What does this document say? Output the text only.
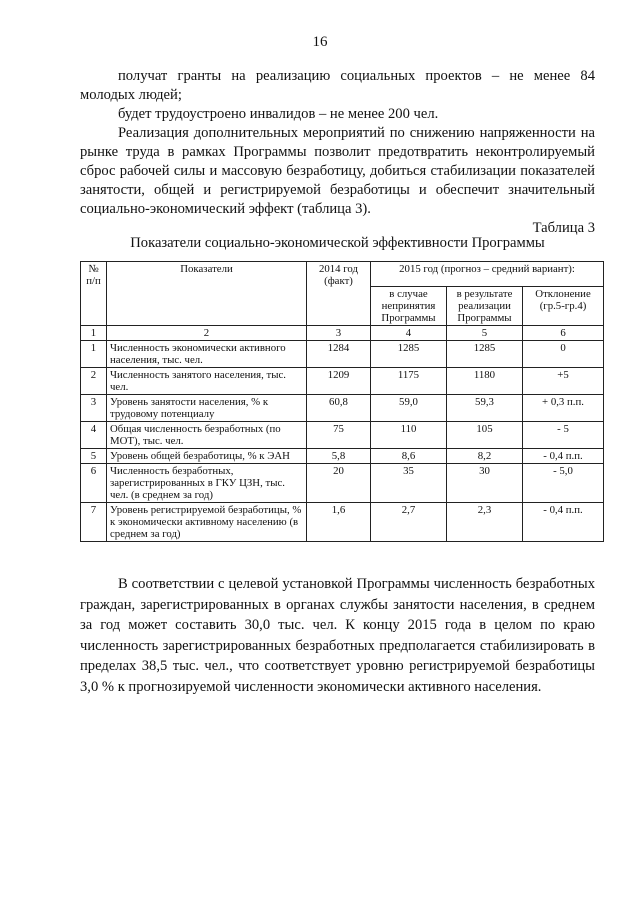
16

получат гранты на реализацию социальных проектов – не менее 84 молодых людей;

будет трудоустроено инвалидов – не менее 200 чел.

Реализация дополнительных мероприятий по снижению напряженности на рынке труда в рамках Программы позволит предотвратить неконтролируемый сброс рабочей силы и массовую безработицу, добиться стабилизации показателей занятости, общей и регистрируемой безработицы и обеспечит значительный социально-экономический эффект (таблица 3).

Таблица 3
Показатели социально-экономической эффективности Программы
№ п/п	Показатели	2014 год (факт)	2015 год (прогноз – средний вариант):		
			в случае непринятия Программы	в результате реализации Программы	Отклонение (гр.5-гр.4)
1	2	3	4	5	6
1	Численность экономически активного населения, тыс. чел.	1284	1285	1285	0
2	Численность занятого населения, тыс. чел.	1209	1175	1180	+5
3	Уровень занятости населения, % к трудовому потенциалу	60,8	59,0	59,3	+ 0,3 п.п.
4	Общая численность безработных (по МОТ), тыс. чел.	75	110	105	- 5
5	Уровень общей безработицы, % к ЭАН	5,8	8,6	8,2	- 0,4 п.п.
6	Численность безработных, зарегистрированных в ГКУ ЦЗН, тыс. чел. (в среднем за год)	20	35	30	- 5,0
7	Уровень регистрируемой безработицы, % к экономически активному населению (в среднем за год)	1,6	2,7	2,3	- 0,4 п.п.

В соответствии с целевой установкой Программы численность безработных граждан, зарегистрированных в органах службы занятости населения, в среднем за год может составить 30,0 тыс. чел. К концу 2015 года в целом по краю численность зарегистрированных безработных предполагается стабилизировать в пределах 38,5 тыс. чел., что соответствует уровню регистрируемой безработицы 3,0 % к прогнозируемой численности экономически активного населения.
